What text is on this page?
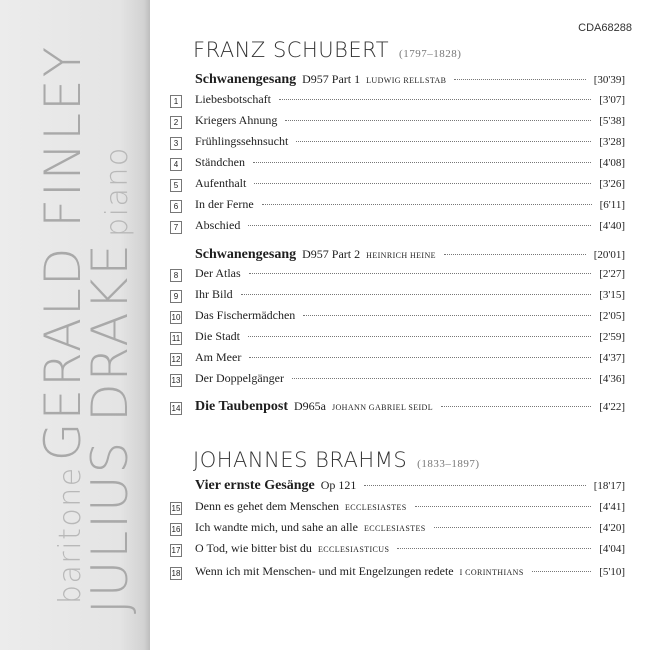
baritone GERALD FINLEY
JULIUS DRAKE piano
CDA68288
FRANZ SCHUBERT (1797–1828)
JOHANNES BRAHMS (1833–1897)
Schwanengesang D957 Part 1 LUDWIG RELLSTAB	[30'39]
1	Liebesbotschaft	[3'07]
2	Kriegers Ahnung	[5'38]
3	Frühlingssehnsucht	[3'28]
4	Ständchen	[4'08]
5	Aufenthalt	[3'26]
6	In der Ferne	[6'11]
7	Abschied	[4'40]
Schwanengesang D957 Part 2 HEINRICH HEINE	[20'01]
8	Der Atlas	[2'27]
9	Ihr Bild	[3'15]
10 Das Fischermädchen	[2'05]
11 Die Stadt	[2'59]
12 Am Meer	[4'37]
13 Der Doppelgänger	[4'36]
14 Die Taubenpost D965a JOHANN GABRIEL SEIDL	[4'22]
Vier ernste Gesänge Op 121	[18'17]
15 Denn es gehet dem Menschen ECCLESIASTES	[4'41]
16 Ich wandte mich, und sahe an alle ECCLESIASTES	[4'20]
17 O Tod, wie bitter bist du ECCLESIASTICUS	[4'04]
18 Wenn ich mit Menschen- und mit Engelzungen redete I CORINTHIANS	[5'10]
